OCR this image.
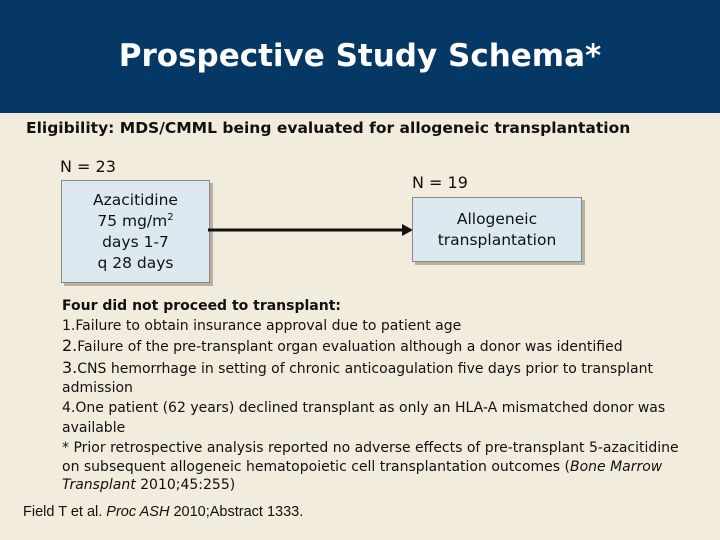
Prospective Study Schema*
Eligibility: MDS/CMML being evaluated for allogeneic transplantation
N = 23
Azacitidine
75 $mg/m^2$
days 1-7
q 28 days
N = 19
Allogeneic
transplantation
Four did not proceed to transplant:
1.Failure to obtain insurance approval due to patient age
2.Failure of the pre-transplant organ evaluation although a donor was identified
3.CNS hemorrhage in setting of chronic anticoagulation five days prior to transplant admission
4.One patient (62 years) declined transplant as only an HLA-A mismatched donor was available
* Prior retrospective analysis reported no adverse effects of pre-transplant 5-azacitidine on subsequent allogeneic hematopoietic cell transplantation outcomes (Bone Marrow Transplant 2010;45:255)
Field T et al. Proc ASH 2010;Abstract 1333.
